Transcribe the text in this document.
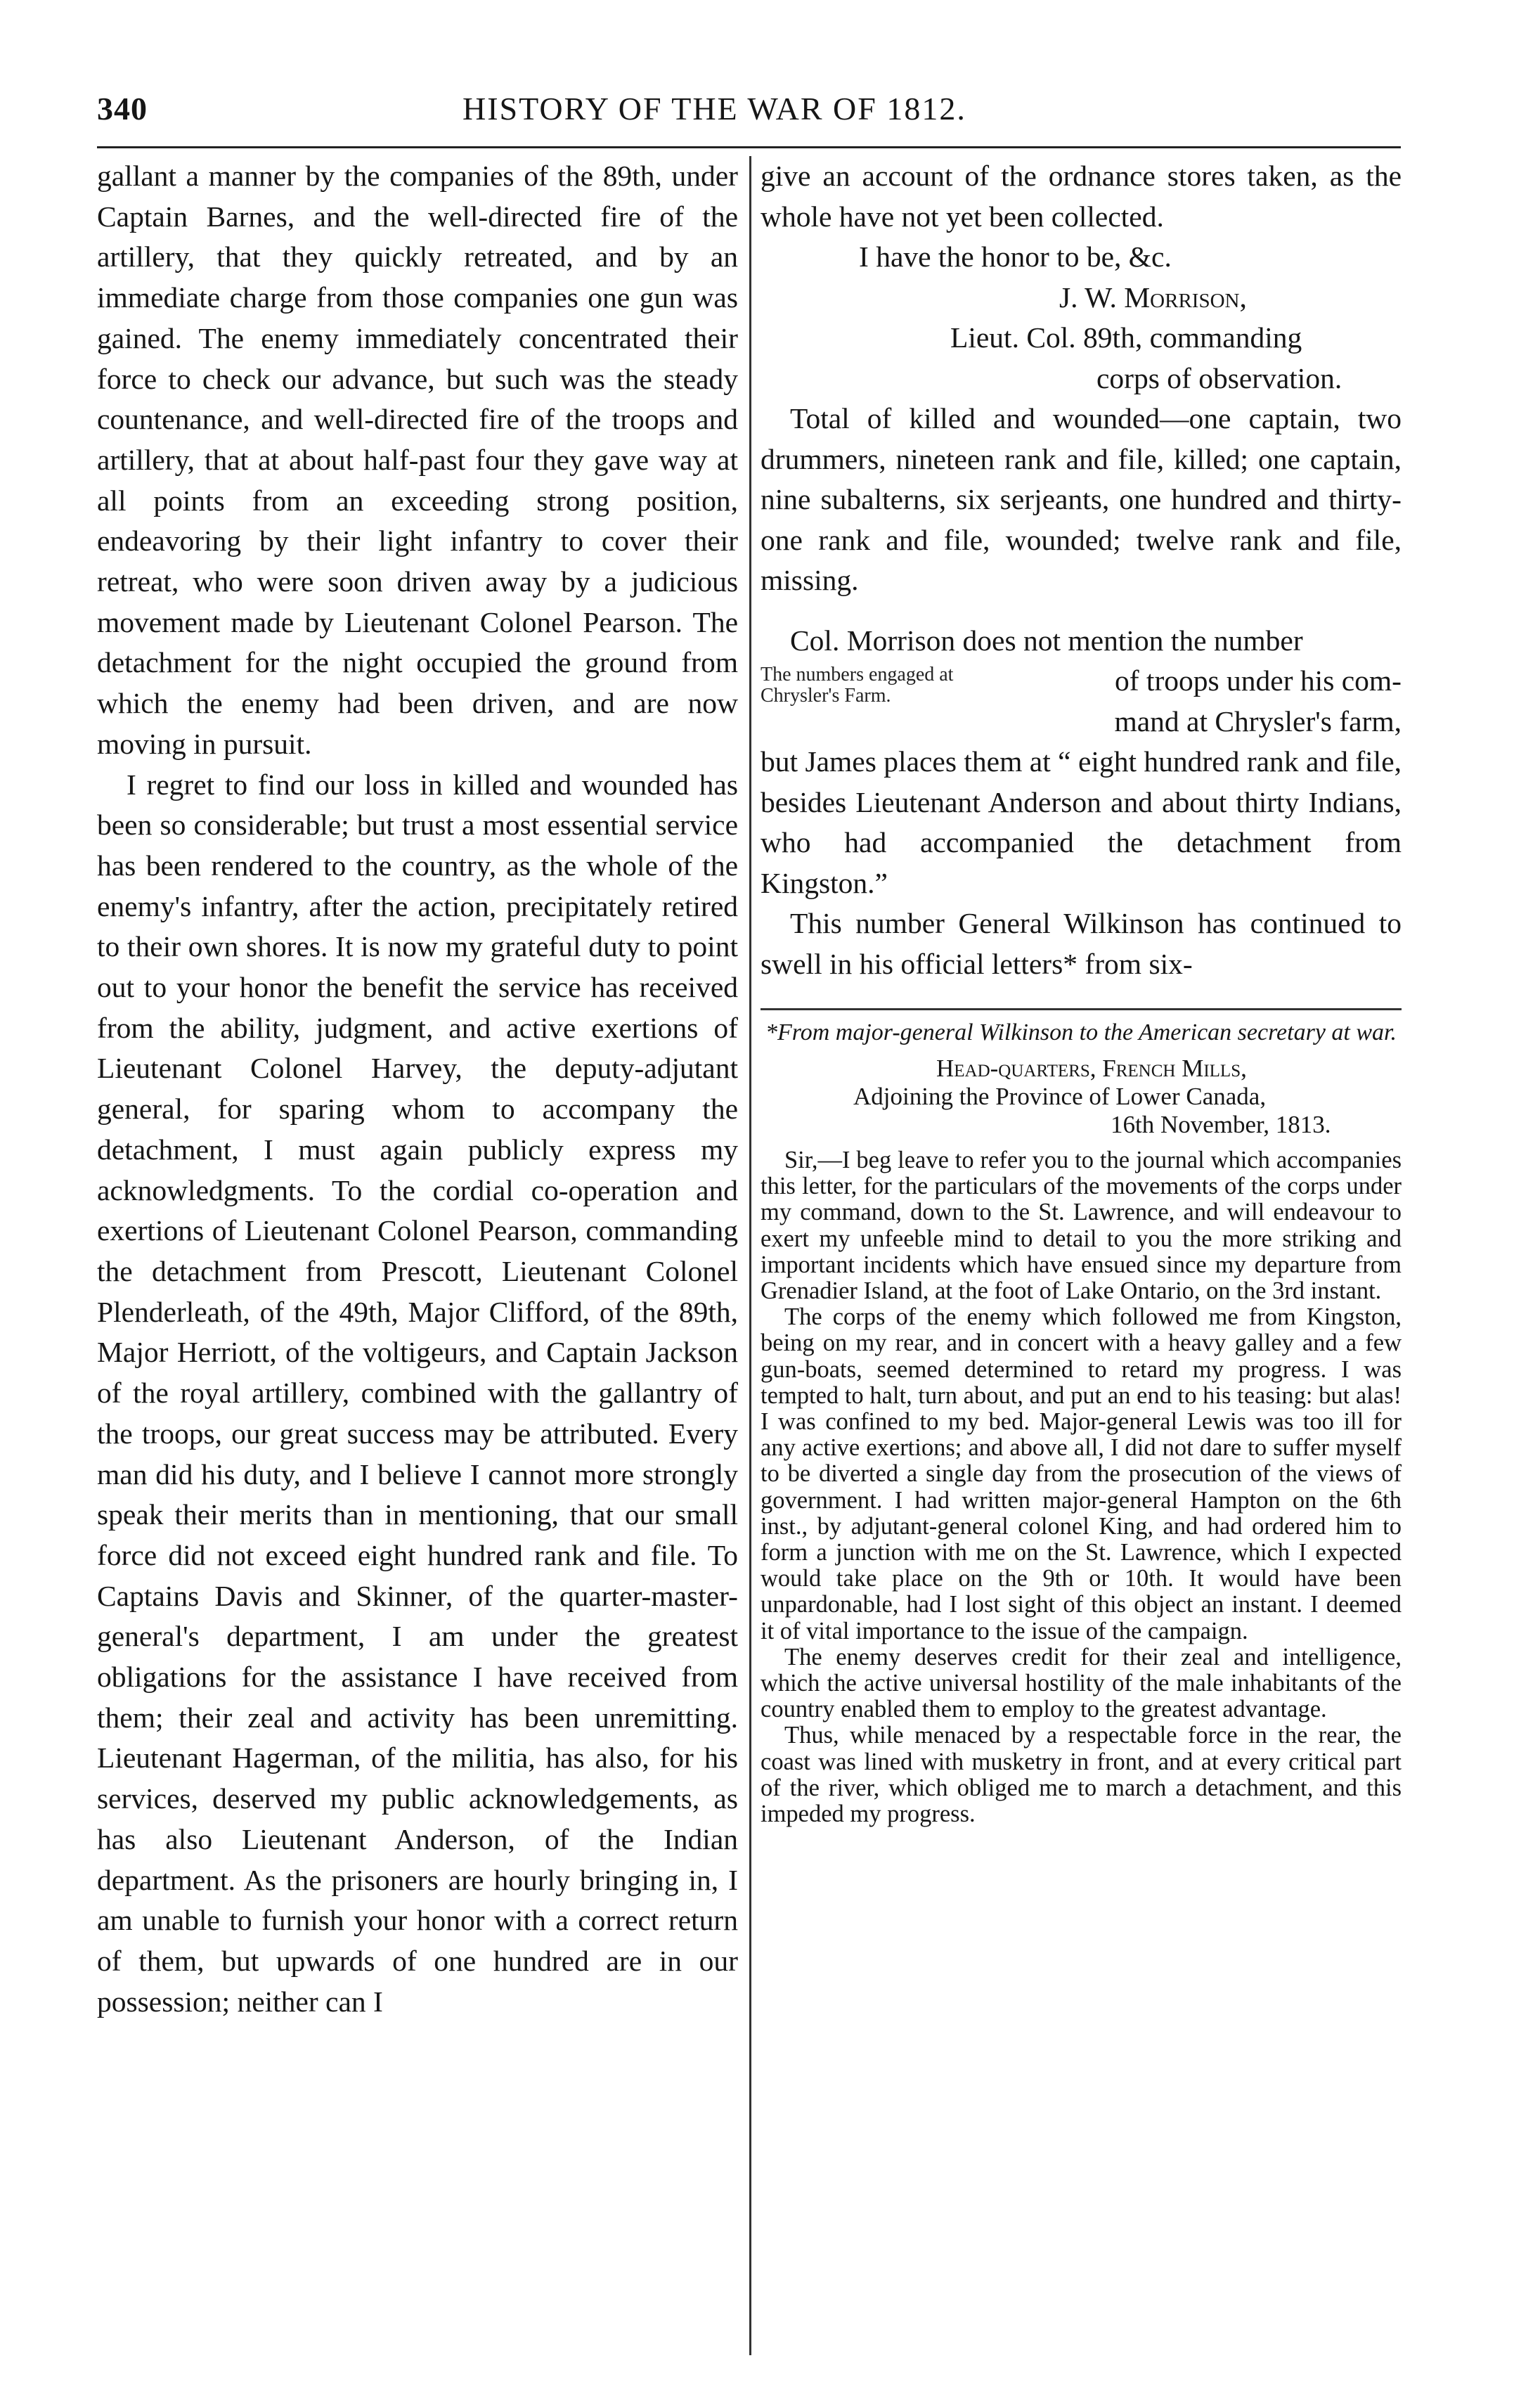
340	HISTORY OF THE WAR OF 1812.

gallant a manner by the companies of the 89th, under Captain Barnes, and the well-directed fire of the artillery, that they quickly retreated, and by an immediate charge from those companies one gun was gained. The enemy immediately concentrated their force to check our advance, but such was the steady countenance, and well-directed fire of the troops and artillery, that at about half-past four they gave way at all points from an exceeding strong position, endeavoring by their light infantry to cover their retreat, who were soon driven away by a judicious movement made by Lieutenant Colonel Pearson. The detachment for the night occupied the ground from which the enemy had been driven, and are now moving in pursuit.

I regret to find our loss in killed and wounded has been so considerable; but trust a most essential service has been rendered to the country, as the whole of the enemy's infantry, after the action, precipitately retired to their own shores. It is now my grateful duty to point out to your honor the benefit the service has received from the ability, judgment, and active exertions of Lieutenant Colonel Harvey, the deputy-adjutant general, for sparing whom to accompany the detachment, I must again publicly express my acknowledgments. To the cordial co-operation and exertions of Lieutenant Colonel Pearson, commanding the detachment from Prescott, Lieutenant Colonel Plenderleath, of the 49th, Major Clifford, of the 89th, Major Herriott, of the voltigeurs, and Captain Jackson of the royal artillery, combined with the gallantry of the troops, our great success may be attributed. Every man did his duty, and I believe I cannot more strongly speak their merits than in mentioning, that our small force did not exceed eight hundred rank and file. To Captains Davis and Skinner, of the quarter-master-general's department, I am under the greatest obligations for the assistance I have received from them; their zeal and activity has been unremitting. Lieutenant Hagerman, of the militia, has also, for his services, deserved my public acknowledgements, as has also Lieutenant Anderson, of the Indian department. As the prisoners are hourly bringing in, I am unable to furnish your honor with a correct return of them, but upwards of one hundred are in our possession; neither can I

give an account of the ordnance stores taken, as the whole have not yet been collected.

I have the honor to be, &c.

J. W. Morrison,

Lieut. Col. 89th, commanding

corps of observation.

Total of killed and wounded—one captain, two drummers, nineteen rank and file, killed; one captain, nine subalterns, six serjeants, one hundred and thirty-one rank and file, wounded; twelve rank and file, missing.

Col. Morrison does not mention the number

The numbers engaged at Chrysler's Farm.	of troops under his com-

mand at Chrysler's farm,

but James places them at “ eight hundred rank and file, besides Lieutenant Anderson and about thirty Indians, who had accompanied the detachment from Kingston.”

This number General Wilkinson has continued to swell in his official letters* from six-

*From major-general Wilkinson to the American secretary at war.

Head-quarters, French Mills,

Adjoining the Province of Lower Canada,

16th November, 1813.

Sir,—I beg leave to refer you to the journal which accompanies this letter, for the particulars of the movements of the corps under my command, down to the St. Lawrence, and will endeavour to exert my unfeeble mind to detail to you the more striking and important incidents which have ensued since my departure from Grenadier Island, at the foot of Lake Ontario, on the 3rd instant.

The corps of the enemy which followed me from Kingston, being on my rear, and in concert with a heavy galley and a few gun-boats, seemed determined to retard my progress. I was tempted to halt, turn about, and put an end to his teasing: but alas! I was confined to my bed. Major-general Lewis was too ill for any active exertions; and above all, I did not dare to suffer myself to be diverted a single day from the prosecution of the views of government. I had written major-general Hampton on the 6th inst., by adjutant-general colonel King, and had ordered him to form a junction with me on the St. Lawrence, which I expected would take place on the 9th or 10th. It would have been unpardonable, had I lost sight of this object an instant. I deemed it of vital importance to the issue of the campaign.

The enemy deserves credit for their zeal and intelligence, which the active universal hostility of the male inhabitants of the country enabled them to employ to the greatest advantage.

Thus, while menaced by a respectable force in the rear, the coast was lined with musketry in front, and at every critical part of the river, which obliged me to march a detachment, and this impeded my progress.
